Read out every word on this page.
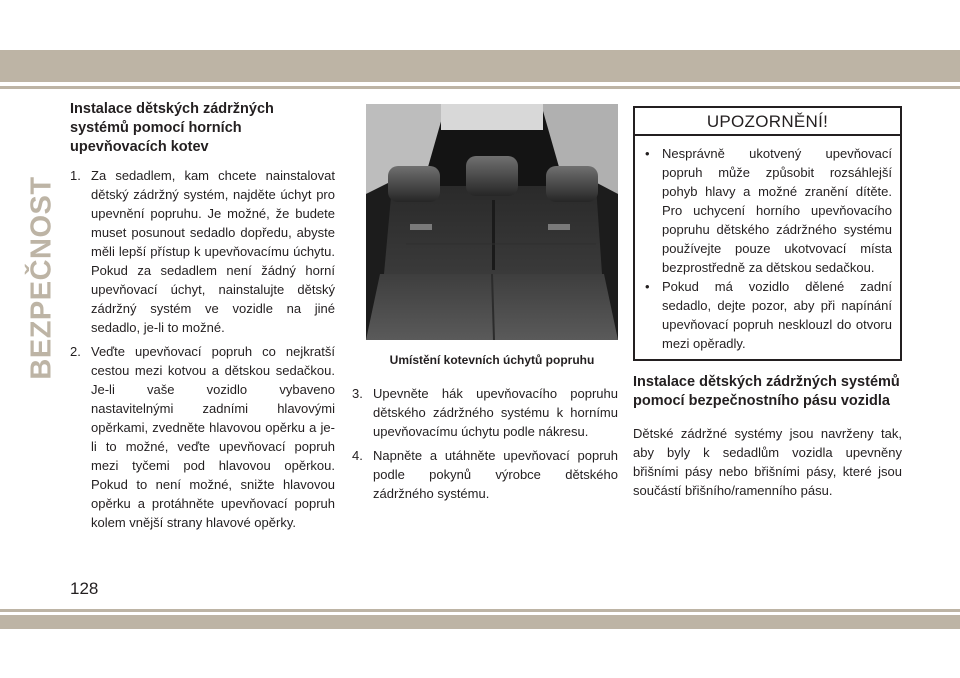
BEZPEČNOST
Instalace dětských zádržných systémů pomocí horních upevňovacích kotev
1. Za sedadlem, kam chcete nainstalovat dětský zádržný systém, najděte úchyt pro upevnění popruhu. Je možné, že budete muset posunout sedadlo dopředu, abyste měli lepší přístup k upevňovacímu úchytu. Pokud za sedadlem není žádný horní upevňovací úchyt, nainstalujte dětský zádržný systém ve vozidle na jiné sedadlo, je-li to možné.
2. Veďte upevňovací popruh co nejkratší cestou mezi kotvou a dětskou sedačkou. Je-li vaše vozidlo vybaveno nastavitelnými zadními hlavovými opěrkami, zvedněte hlavovou opěrku a je-li to možné, veďte upevňovací popruh mezi tyčemi pod hlavovou opěrkou. Pokud to není možné, snižte hlavovou opěrku a protáhněte upevňovací popruh kolem vnější strany hlavové opěrky.
Umístění kotevních úchytů popruhu
3. Upevněte hák upevňovacího popruhu dětského zádržného systému k hornímu upevňovacímu úchytu podle nákresu.
4. Napněte a utáhněte upevňovací popruh podle pokynů výrobce dětského zádržného systému.
UPOZORNĚNÍ!
• Nesprávně ukotvený upevňovací popruh může způsobit rozsáhlejší pohyb hlavy a možné zranění dítěte. Pro uchycení horního upevňovacího popruhu dětského zádržného systému používejte pouze ukotvovací místa bezprostředně za dětskou sedačkou.
• Pokud má vozidlo dělené zadní sedadlo, dejte pozor, aby při napínání upevňovací popruh nesklouzl do otvoru mezi opěradly.
Instalace dětských zádržných systémů pomocí bezpečnostního pásu vozidla
Dětské zádržné systémy jsou navrženy tak, aby byly k sedadlům vozidla upevněny břišními pásy nebo břišními pásy, které jsou součástí břišního/ramenního pásu.
128
